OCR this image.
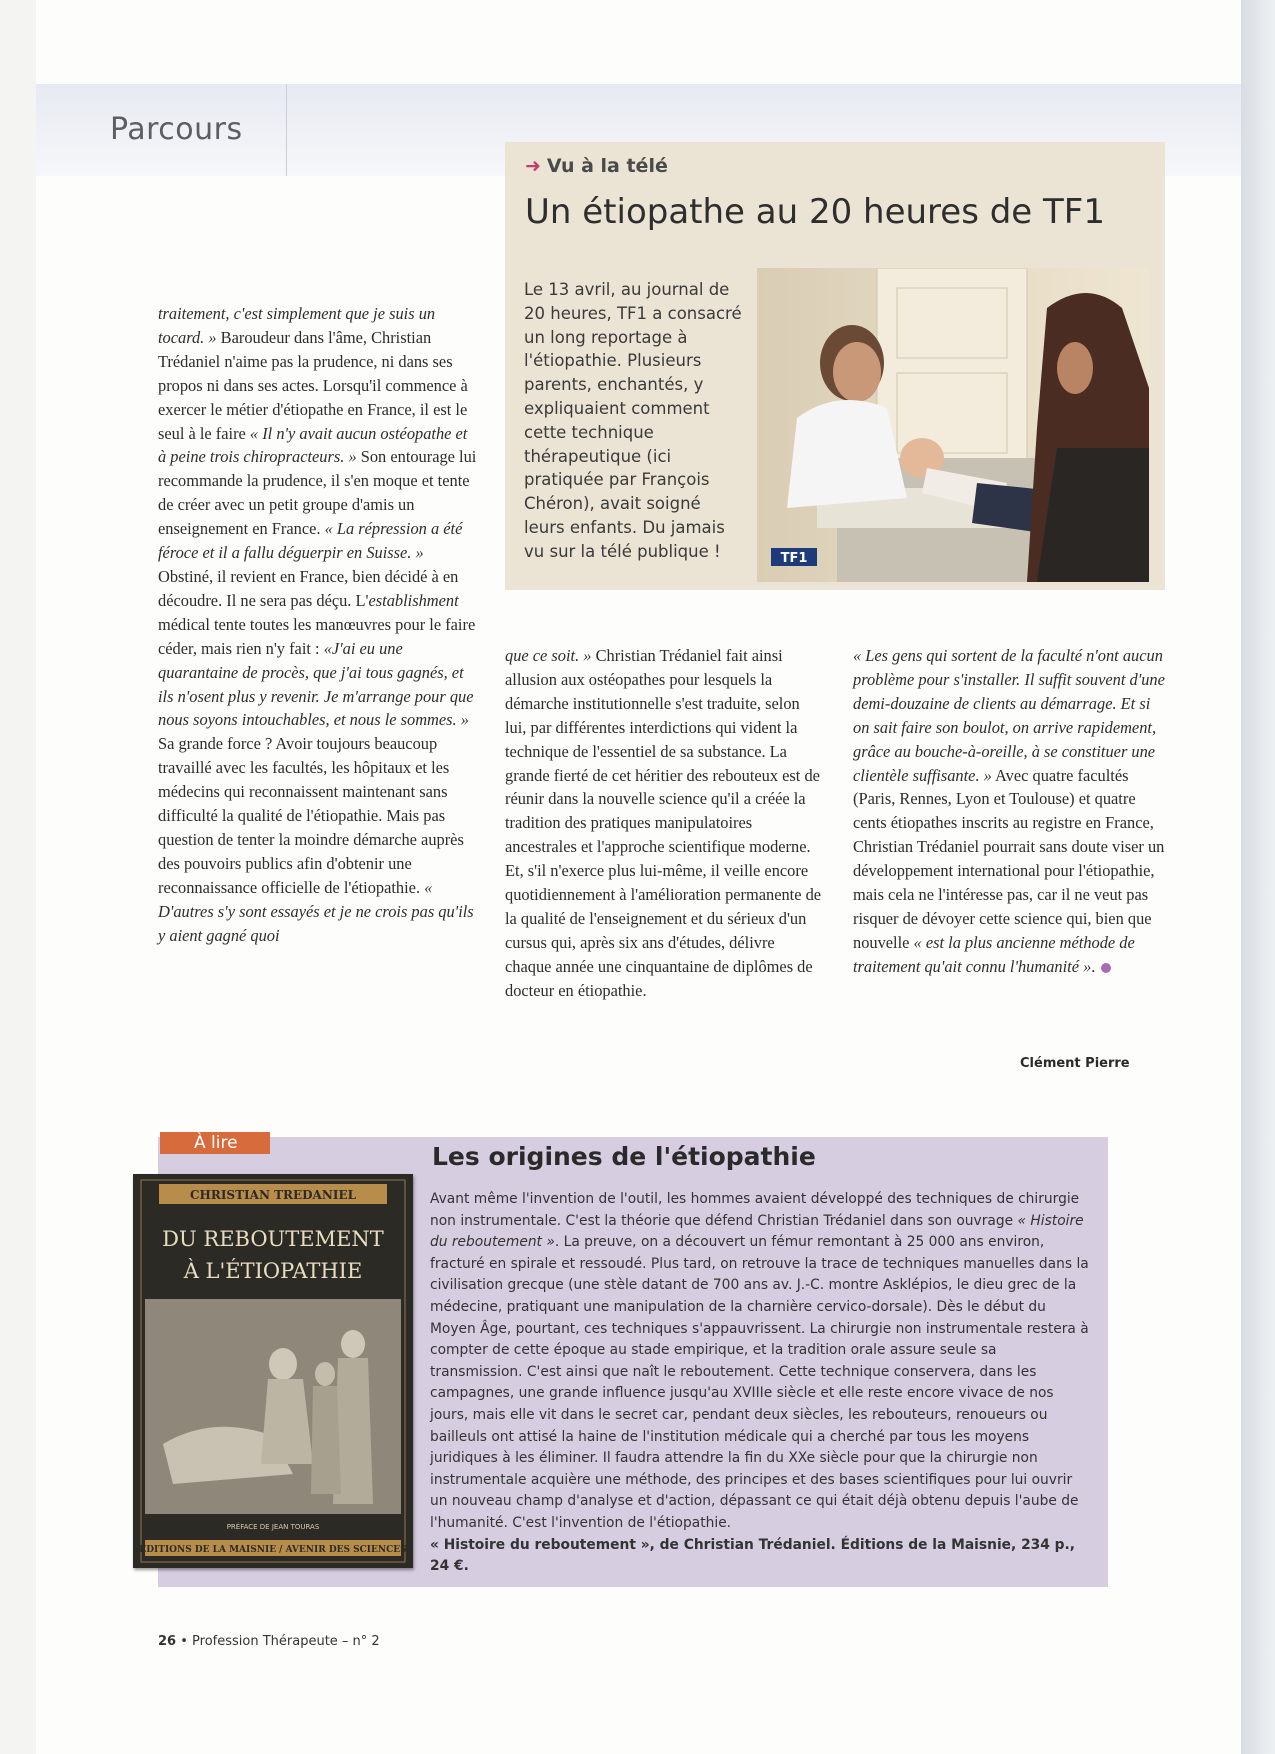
Parcours
➜ Vu à la télé
Un étiopathe au 20 heures de TF1
Le 13 avril, au journal de 20 heures, TF1 a consacré un long reportage à l'étiopathie. Plusieurs parents, enchantés, y expliquaient comment cette technique thérapeutique (ici pratiquée par François Chéron), avait soigné leurs enfants. Du jamais vu sur la télé publique !	TF1
traitement, c'est simplement que je suis un tocard. » Baroudeur dans l'âme, Christian Trédaniel n'aime pas la prudence, ni dans ses propos ni dans ses actes. Lorsqu'il commence à exercer le métier d'étiopathe en France, il est le seul à le faire « Il n'y avait aucun ostéopathe et à peine trois chiropracteurs. » Son entourage lui recommande la prudence, il s'en moque et tente de créer avec un petit groupe d'amis un enseignement en France. « La répression a été féroce et il a fallu déguerpir en Suisse. » Obstiné, il revient en France, bien décidé à en découdre. Il ne sera pas déçu. L'establishment médical tente toutes les manœuvres pour le faire céder, mais rien n'y fait : «J'ai eu une quarantaine de procès, que j'ai tous gagnés, et ils n'osent plus y revenir. Je m'arrange pour que nous soyons intouchables, et nous le sommes. » Sa grande force ? Avoir toujours beaucoup travaillé avec les facultés, les hôpitaux et les médecins qui reconnaissent maintenant sans difficulté la qualité de l'étiopathie. Mais pas question de tenter la moindre démarche auprès des pouvoirs publics afin d'obtenir une reconnaissance officielle de l'étiopathie. « D'autres s'y sont essayés et je ne crois pas qu'ils y aient gagné quoi
que ce soit. » Christian Trédaniel fait ainsi allusion aux ostéopathes pour lesquels la démarche institutionnelle s'est traduite, selon lui, par différentes interdictions qui vident la technique de l'essentiel de sa substance. La grande fierté de cet héritier des rebouteux est de réunir dans la nouvelle science qu'il a créée la tradition des pratiques manipulatoires ancestrales et l'approche scientifique moderne. Et, s'il n'exerce plus lui-même, il veille encore quotidiennement à l'amélioration permanente de la qualité de l'enseignement et du sérieux d'un cursus qui, après six ans d'études, délivre chaque année une cinquantaine de diplômes de docteur en étiopathie.
« Les gens qui sortent de la faculté n'ont aucun problème pour s'installer. Il suffit souvent d'une demi-douzaine de clients au démarrage. Et si on sait faire son boulot, on arrive rapidement, grâce au bouche-à-oreille, à se constituer une clientèle suffisante. » Avec quatre facultés (Paris, Rennes, Lyon et Toulouse) et quatre cents étiopathes inscrits au registre en France, Christian Trédaniel pourrait sans doute viser un développement international pour l'étiopathie, mais cela ne l'intéresse pas, car il ne veut pas risquer de dévoyer cette science qui, bien que nouvelle « est la plus ancienne méthode de traitement qu'ait connu l'humanité ».
Clément Pierre
À lire
CHRISTIAN TREDANIEL
DU REBOUTEMENT
À L'ÉTIOPATHIE
PRÉFACE DE JEAN TOURAS
EDITIONS DE LA MAISNIE / AVENIR DES SCIENCES
Les origines de l'étiopathie

Avant même l'invention de l'outil, les hommes avaient développé des techniques de chirurgie non instrumentale. C'est la théorie que défend Christian Trédaniel dans son ouvrage « Histoire du reboutement ». La preuve, on a découvert un fémur remontant à 25 000 ans environ, fracturé en spirale et ressoudé. Plus tard, on retrouve la trace de techniques manuelles dans la civilisation grecque (une stèle datant de 700 ans av. J.-C. montre Asklépios, le dieu grec de la médecine, pratiquant une manipulation de la charnière cervico-dorsale). Dès le début du Moyen Âge, pourtant, ces techniques s'appauvrissent. La chirurgie non instrumentale restera à compter de cette époque au stade empirique, et la tradition orale assure seule sa transmission. C'est ainsi que naît le reboutement. Cette technique conservera, dans les campagnes, une grande influence jusqu'au XVIIIe siècle et elle reste encore vivace de nos jours, mais elle vit dans le secret car, pendant deux siècles, les rebouteurs, renoueurs ou bailleuls ont attisé la haine de l'institution médicale qui a cherché par tous les moyens juridiques à les éliminer. Il faudra attendre la fin du XXe siècle pour que la chirurgie non instrumentale acquière une méthode, des principes et des bases scientifiques pour lui ouvrir un nouveau champ d'analyse et d'action, dépassant ce qui était déjà obtenu depuis l'aube de l'humanité. C'est l'invention de l'étiopathie.

« Histoire du reboutement », de Christian Trédaniel. Éditions de la Maisnie, 234 p., 24 €.

26 • Profession Thérapeute – n° 2
